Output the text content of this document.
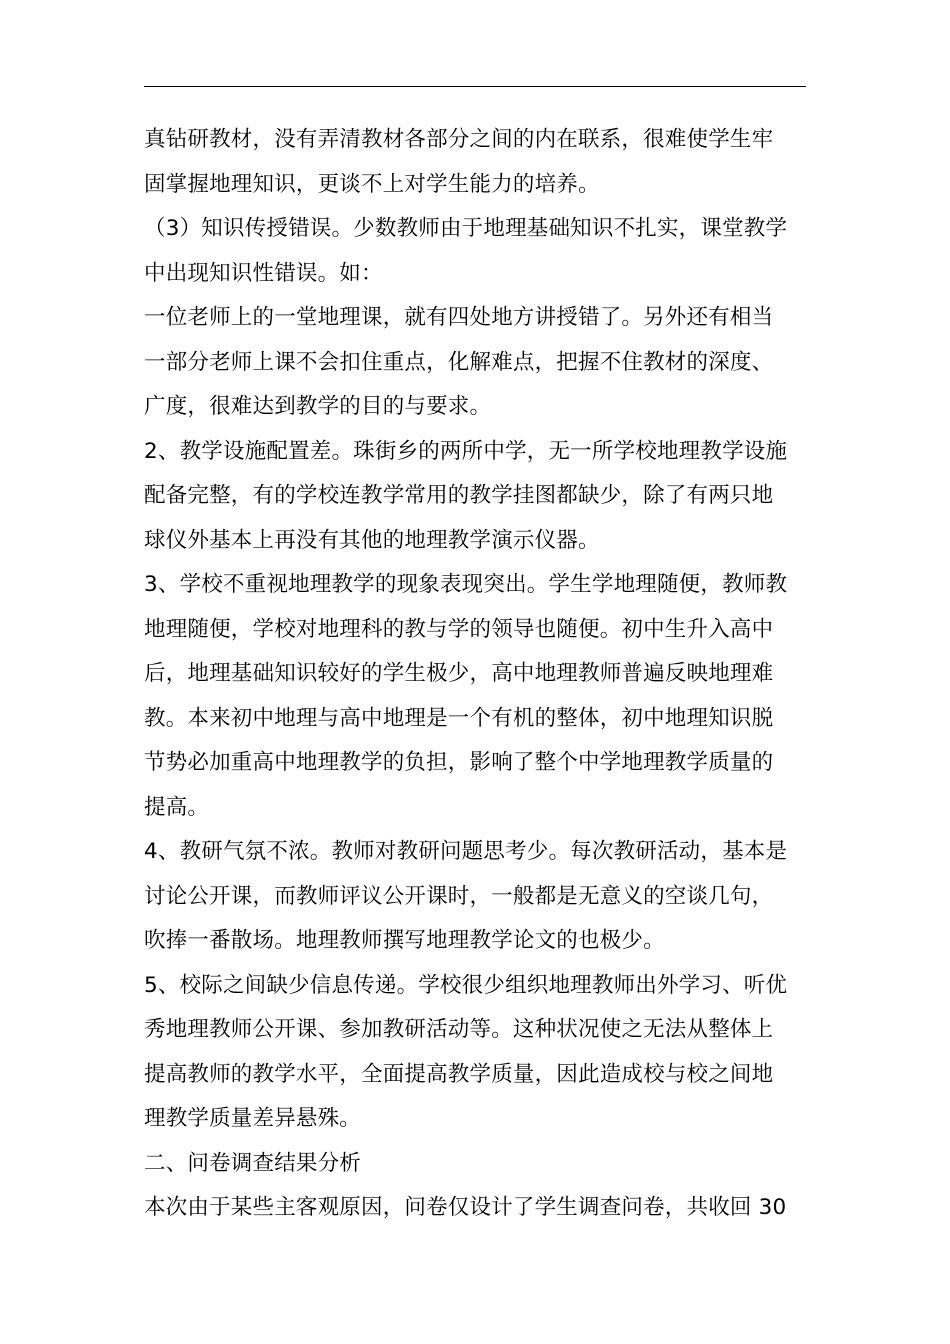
真钻研教材，没有弄清教材各部分之间的内在联系，很难使学生牢
固掌握地理知识，更谈不上对学生能力的培养。
（3）知识传授错误。少数教师由于地理基础知识不扎实，课堂教学
中出现知识性错误。如：
一位老师上的一堂地理课，就有四处地方讲授错了。另外还有相当
一部分老师上课不会扣住重点，化解难点，把握不住教材的深度、
广度，很难达到教学的目的与要求。
2、教学设施配置差。珠街乡的两所中学，无一所学校地理教学设施
配备完整，有的学校连教学常用的教学挂图都缺少，除了有两只地
球仪外基本上再没有其他的地理教学演示仪器。
3、学校不重视地理教学的现象表现突出。学生学地理随便，教师教
地理随便，学校对地理科的教与学的领导也随便。初中生升入高中
后，地理基础知识较好的学生极少，高中地理教师普遍反映地理难
教。本来初中地理与高中地理是一个有机的整体，初中地理知识脱
节势必加重高中地理教学的负担，影响了整个中学地理教学质量的
提高。
4、教研气氛不浓。教师对教研问题思考少。每次教研活动，基本是
讨论公开课，而教师评议公开课时，一般都是无意义的空谈几句，
吹捧一番散场。地理教师撰写地理教学论文的也极少。
5、校际之间缺少信息传递。学校很少组织地理教师出外学习、听优
秀地理教师公开课、参加教研活动等。这种状况使之无法从整体上
提高教师的教学水平，全面提高教学质量，因此造成校与校之间地
理教学质量差异悬殊。
二、问卷调查结果分析
本次由于某些主客观原因，问卷仅设计了学生调查问卷，共收回 30
